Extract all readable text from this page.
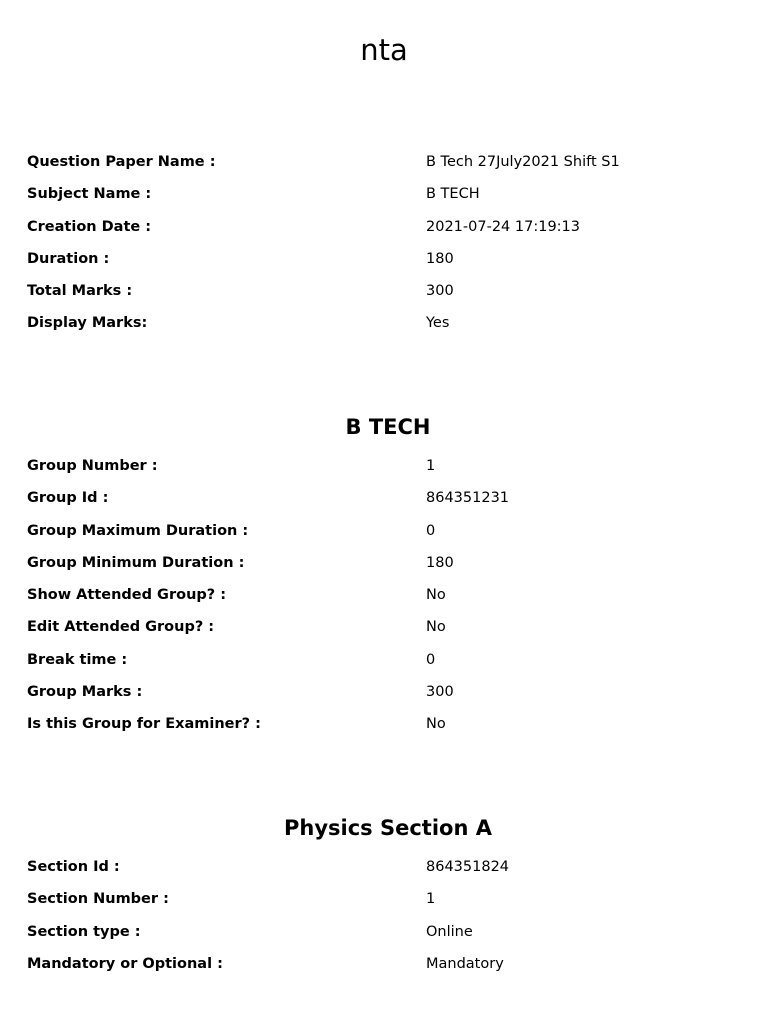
nta
Question Paper Name :	B Tech 27July2021 Shift S1
Subject Name :	B TECH
Creation Date :	2021-07-24 17:19:13
Duration :	180
Total Marks :	300
Display Marks:	Yes
B TECH
Group Number :	1
Group Id :	864351231
Group Maximum Duration :	0
Group Minimum Duration :	180
Show Attended Group? :	No
Edit Attended Group? :	No
Break time :	0
Group Marks :	300
Is this Group for Examiner? :	No
Physics Section A
Section Id :	864351824
Section Number :	1
Section type :	Online
Mandatory or Optional :	Mandatory
